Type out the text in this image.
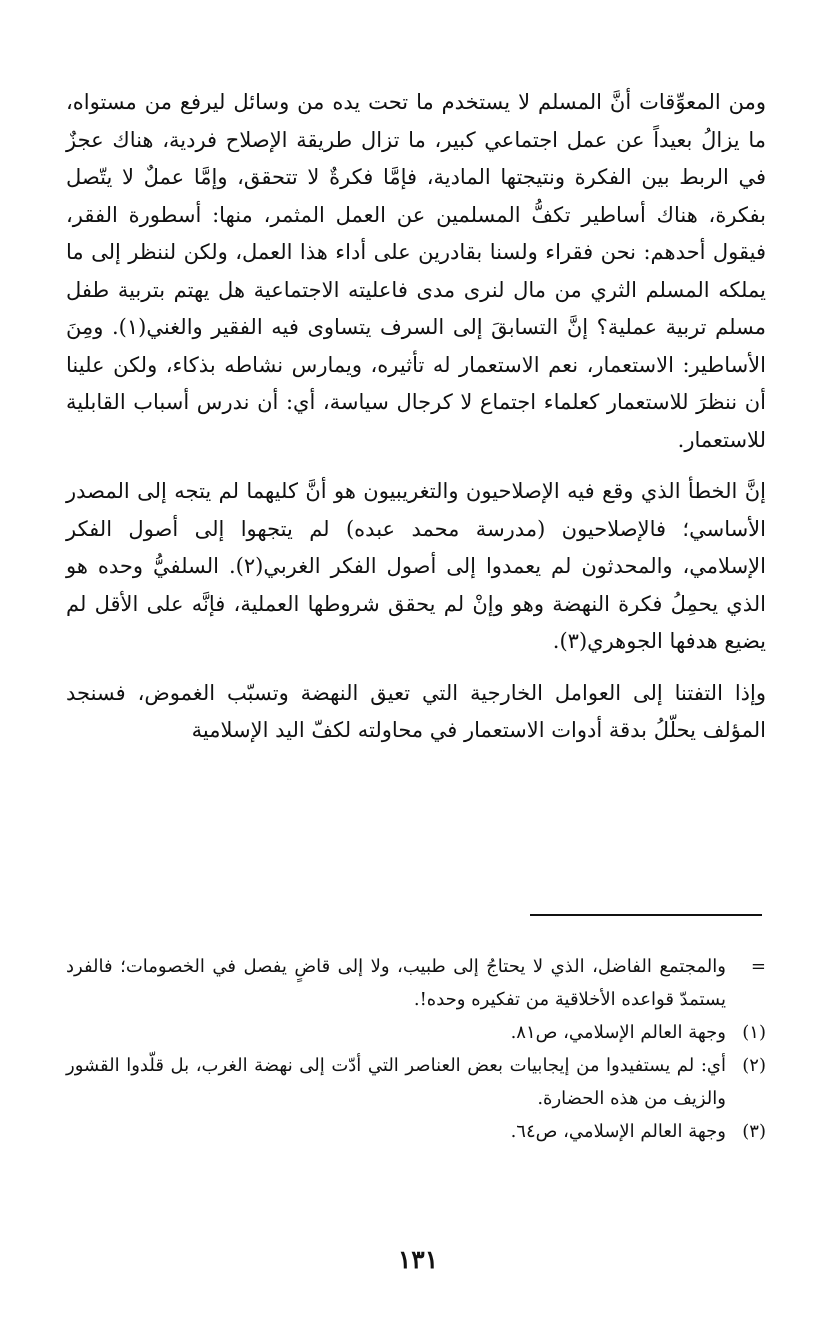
ومن المعوِّقات أنَّ المسلم لا يستخدم ما تحت يده من وسائل ليرفع من مستواه، ما يزالُ بعيداً عن عمل اجتماعي كبير، ما تزال طريقة الإصلاح فردية، هناك عجزٌ في الربط بين الفكرة ونتيجتها المادية، فإمَّا فكرةٌ لا تتحقق، وإمَّا عملٌ لا يتّصل بفكرة، هناك أساطير تكفُّ المسلمين عن العمل المثمر، منها: أسطورة الفقر، فيقول أحدهم: نحن فقراء ولسنا بقادرين على أداء هذا العمل، ولكن لننظر إلى ما يملكه المسلم الثري من مال لنرى مدى فاعليته الاجتماعية هل يهتم بتربية طفل مسلم تربية عملية؟ إنَّ التسابقَ إلى السرف يتساوى فيه الفقير والغني(١). ومِنَ الأساطير: الاستعمار، نعم الاستعمار له تأثيره، ويمارس نشاطه بذكاء، ولكن علينا أن ننظرَ للاستعمار كعلماء اجتماع لا كرجال سياسة، أي: أن ندرس أسباب القابلية للاستعمار.

إنَّ الخطأ الذي وقع فيه الإصلاحيون والتغريبيون هو أنَّ كليهما لم يتجه إلى المصدر الأساسي؛ فالإصلاحيون (مدرسة محمد عبده) لم يتجهوا إلى أصول الفكر الإسلامي، والمحدثون لم يعمدوا إلى أصول الفكر الغربي(٢). السلفيُّ وحده هو الذي يحمِلُ فكرة النهضة وهو وإنْ لم يحقق شروطها العملية، فإنَّه على الأقل لم يضيع هدفها الجوهري(٣).

وإذا التفتنا إلى العوامل الخارجية التي تعيق النهضة وتسبّب الغموض، فسنجد المؤلف يحلّلُ بدقة أدوات الاستعمار في محاولته لكفّ اليد الإسلامية

=
والمجتمع الفاضل، الذي لا يحتاجُ إلى طبيب، ولا إلى قاضٍ يفصل في الخصومات؛ فالفرد يستمدّ قواعده الأخلاقية من تفكيره وحده!.
(١)
وجهة العالم الإسلامي، ص٨١.
(٢)
أي: لم يستفيدوا من إيجابيات بعض العناصر التي أدّت إلى نهضة الغرب، بل قلّدوا القشور والزيف من هذه الحضارة.
(٣)
وجهة العالم الإسلامي، ص٦٤.
١٣١
